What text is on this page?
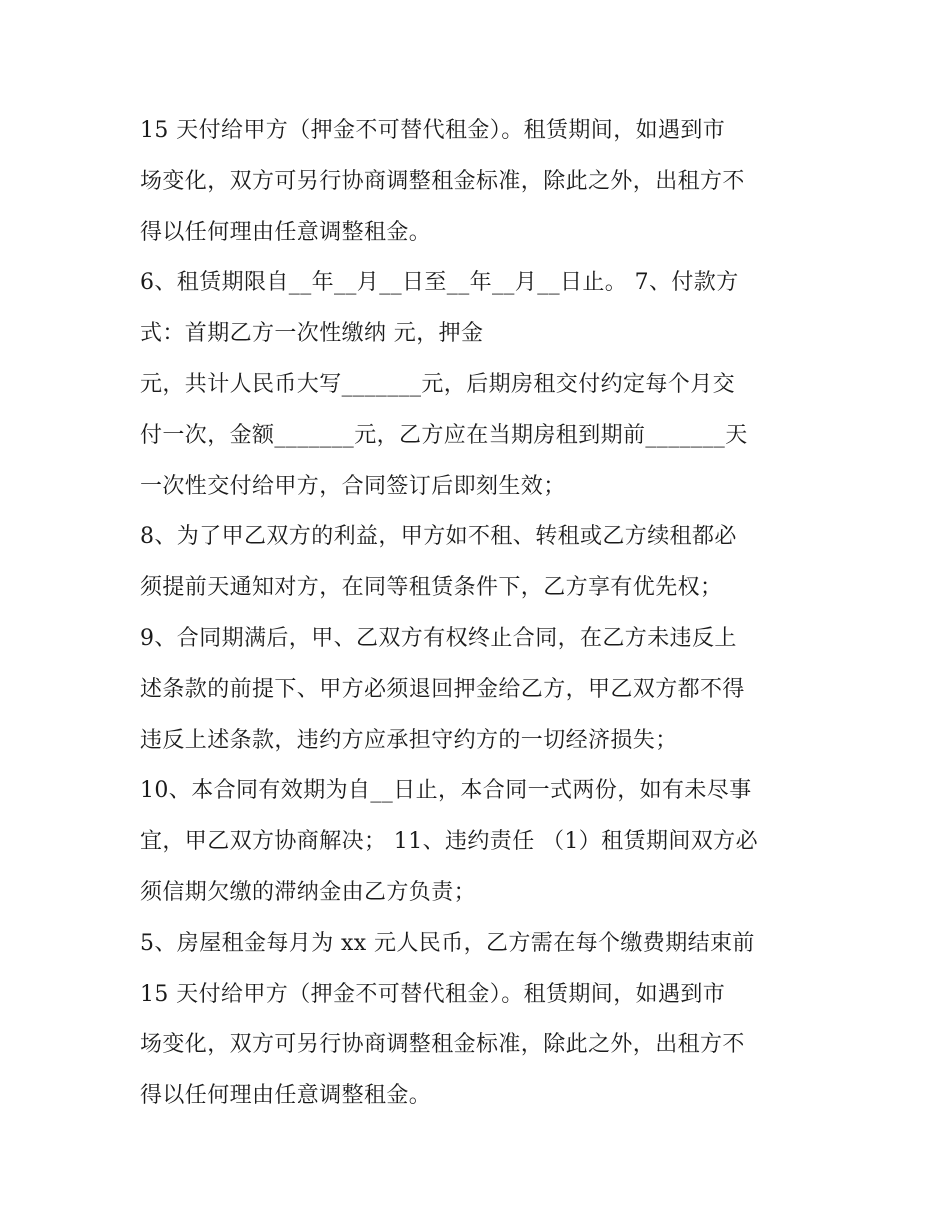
15 天付给甲方（押金不可替代租金）。租赁期间，如遇到市
场变化，双方可另行协商调整租金标准，除此之外，出租方不
得以任何理由任意调整租金。
6、租赁期限自__年__月__日至__年__月__日止。 7、付款方
式：首期乙方一次性缴纳 元，押金
元，共计人民币大写_______元，后期房租交付约定每个月交
付一次，金额_______元，乙方应在当期房租到期前_______天
一次性交付给甲方，合同签订后即刻生效；
8、为了甲乙双方的利益，甲方如不租、转租或乙方续租都必
须提前天通知对方，在同等租赁条件下，乙方享有优先权；
9、合同期满后，甲、乙双方有权终止合同，在乙方未违反上
述条款的前提下、甲方必须退回押金给乙方，甲乙双方都不得
违反上述条款，违约方应承担守约方的一切经济损失；
10、本合同有效期为自__日止，本合同一式两份，如有未尽事
宜，甲乙双方协商解决； 11、违约责任 （1）租赁期间双方必
须信期欠缴的滞纳金由乙方负责；
5、房屋租金每月为 xx 元人民币，乙方需在每个缴费期结束前
15 天付给甲方（押金不可替代租金）。租赁期间，如遇到市
场变化，双方可另行协商调整租金标准，除此之外，出租方不
得以任何理由任意调整租金。
